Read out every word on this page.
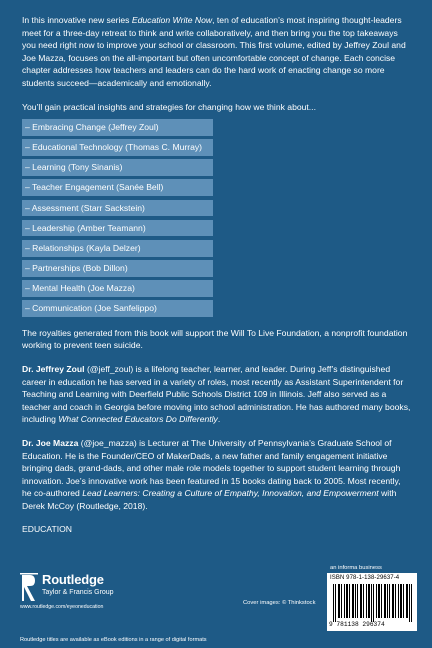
In this innovative new series Education Write Now, ten of education’s most inspiring thought-leaders meet for a three-day retreat to think and write collaboratively, and then bring you the top takeaways you need right now to improve your school or classroom. This first volume, edited by Jeffrey Zoul and Joe Mazza, focuses on the all-important but often uncomfortable concept of change. Each concise chapter addresses how teachers and leaders can do the hard work of enacting change so more students succeed—academically and emotionally.

You’ll gain practical insights and strategies for changing how we think about...

– Embracing Change (Jeffrey Zoul)
– Educational Technology (Thomas C. Murray)
– Learning (Tony Sinanis)
– Teacher Engagement (Sanée Bell)
– Assessment (Starr Sackstein)
– Leadership (Amber Teamann)
– Relationships (Kayla Delzer)
– Partnerships (Bob Dillon)
– Mental Health (Joe Mazza)
– Communication (Joe Sanfelippo)

The royalties generated from this book will support the Will To Live Foundation, a nonprofit foundation working to prevent teen suicide.

Dr. Jeffrey Zoul (@jeff_zoul) is a lifelong teacher, learner, and leader. During Jeff’s distinguished career in education he has served in a variety of roles, most recently as Assistant Superintendent for Teaching and Learning with Deerfield Public Schools District 109 in Illinois. Jeff also served as a teacher and coach in Georgia before moving into school administration. He has authored many books, including What Connected Educators Do Differently.

Dr. Joe Mazza (@joe_mazza) is Lecturer at The University of Pennsylvania’s Graduate School of Education. He is the Founder/CEO of MakerDads, a new father and family engagement initiative bringing dads, grand-dads, and other male role models together to support student learning through innovation. Joe’s innovative work has been featured in 15 books dating back to 2005. Most recently, he co-authored Lead Learners: Creating a Culture of Empathy, Innovation, and Empowerment with Derek McCoy (Routledge, 2018).

EDUCATION

Routledge
Taylor & Francis Group
www.routledge.com/eyeoneducation
Cover images: © Thinkstock
an informa business
ISBN 978-1-138-29637-4
9 781138 296374
Routledge titles are available as eBook editions in a range of digital formats
